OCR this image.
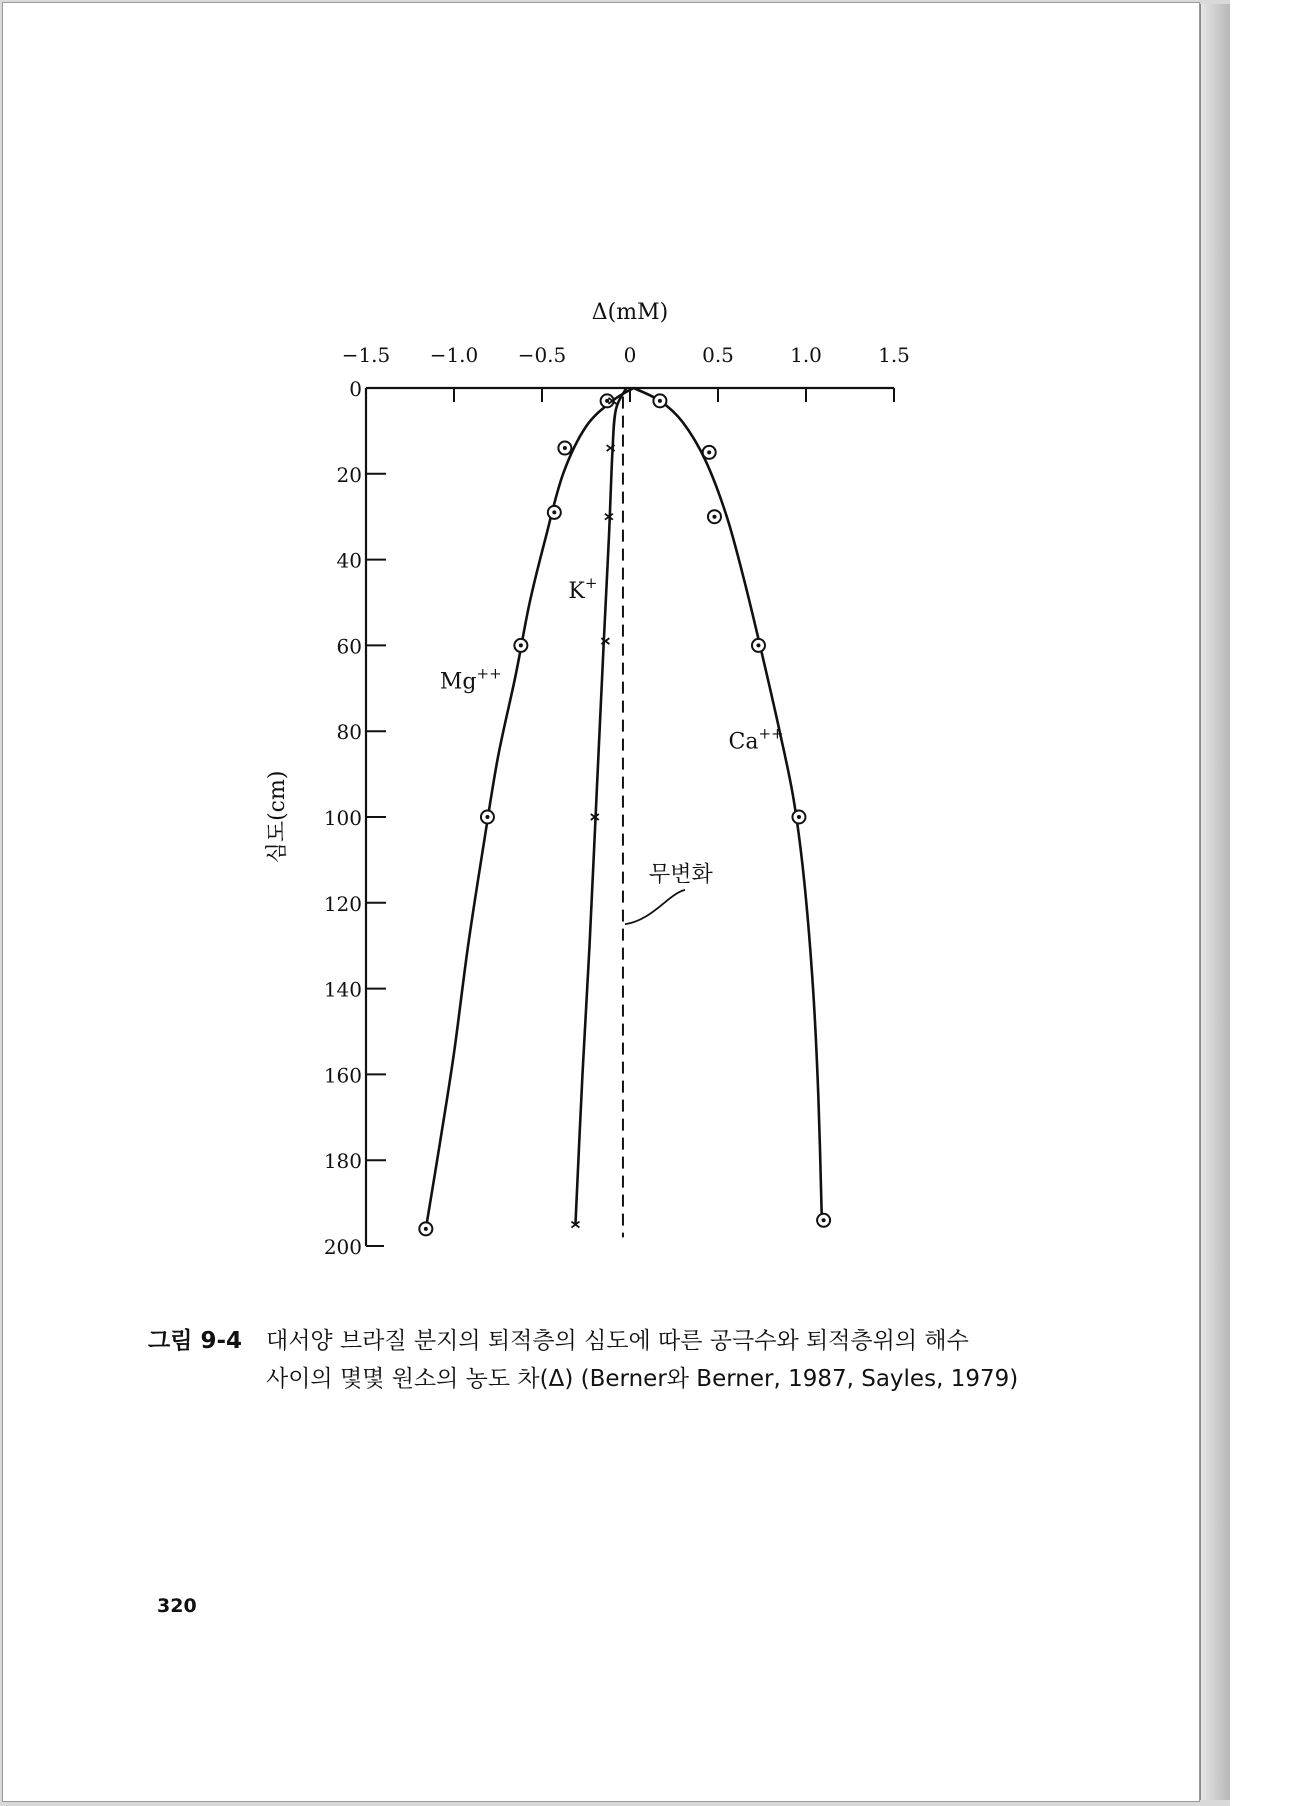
−1.5 −1.0 −0.5	0	0.5	1.0	1.5
0
20
40
60
80
100
120
140
160
180
200
Δ(mM)
심도(cm)
무변화
Mg++
K+
Ca++
그림 9-4 대서양 브라질 분지의 퇴적층의 심도에 따른 공극수와 퇴적층위의 해수
사이의 몇몇 원소의 농도 차(Δ) (Berner와 Berner, 1987, Sayles, 1979)
320
